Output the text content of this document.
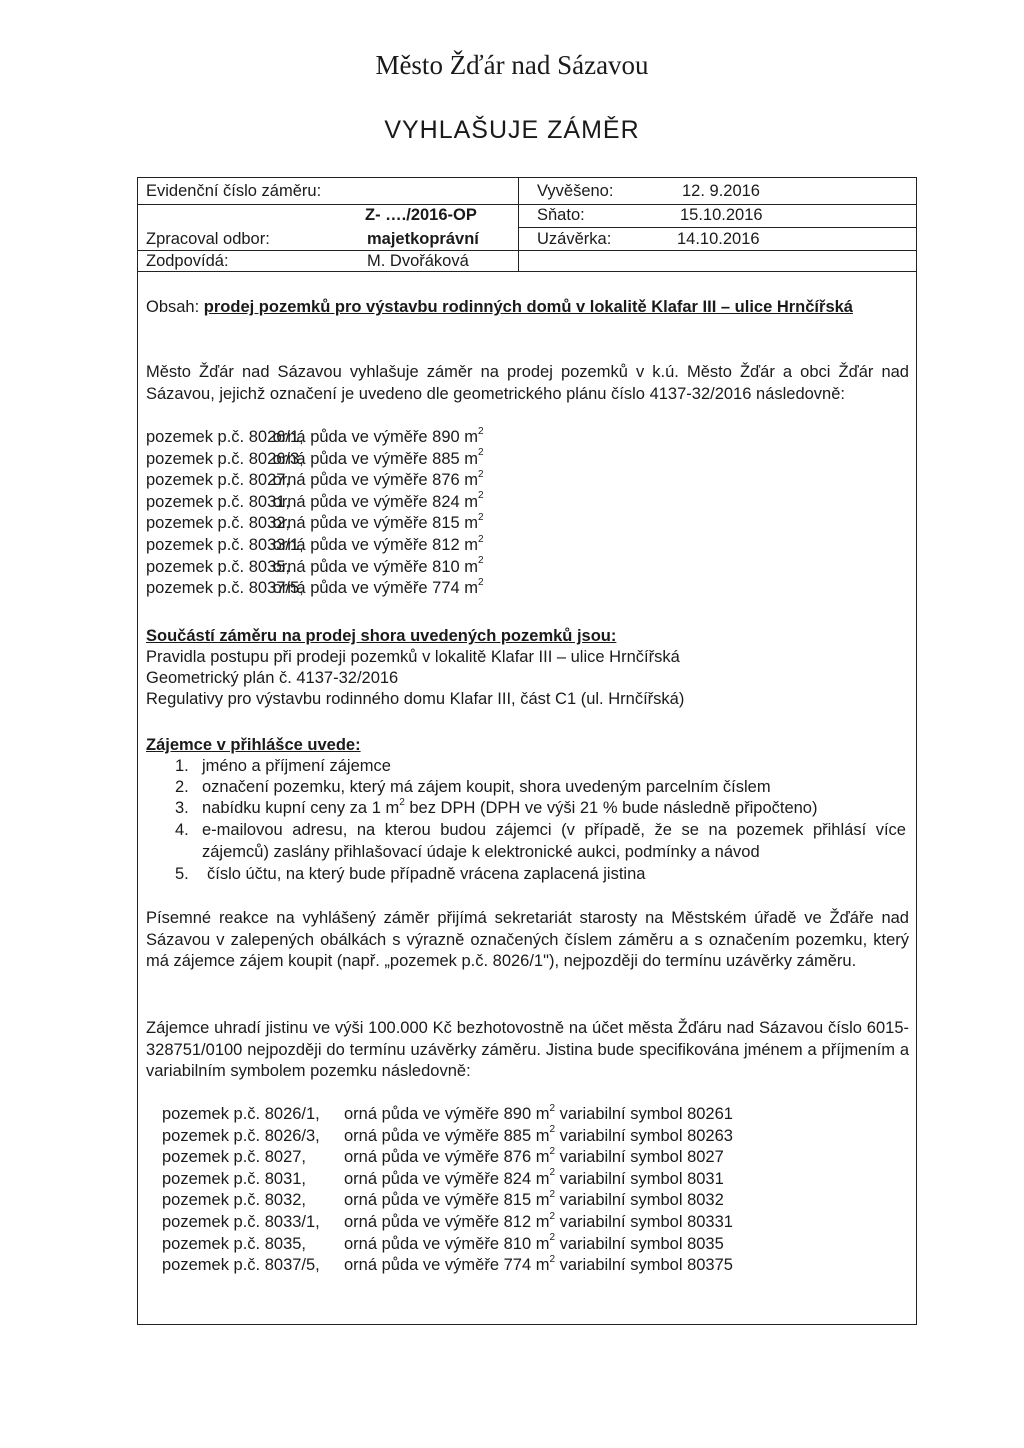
Město Žďár nad Sázavou
VYHLAŠUJE ZÁMĚR
Evidenční číslo záměru:
Z- …./2016-OP
Zpracoval odbor:	majetkoprávní
Zodpovídá:	M. Dvořáková
Vyvěšeno:	12. 9.2016
Sňato:	15.10.2016
Uzávěrka:	14.10.2016
Obsah: prodej pozemků pro výstavbu rodinných domů v lokalitě Klafar III – ulice Hrnčířská
Město Žďár nad Sázavou vyhlašuje záměr na prodej pozemků v k.ú. Město Žďár a obci Žďár nad Sázavou, jejichž označení je uvedeno dle geometrického plánu číslo 4137-32/2016 následovně:
pozemek p.č. 8026/1, orná půda ve výměře 890 $m^2$
pozemek p.č. 8026/3, orná půda ve výměře 885 $m^2$
pozemek p.č. 8027, orná půda ve výměře 876 $m^2$
pozemek p.č. 8031, orná půda ve výměře 824 $m^2$
pozemek p.č. 8032, orná půda ve výměře 815 $m^2$
pozemek p.č. 8033/1, orná půda ve výměře 812 $m^2$
pozemek p.č. 8035, orná půda ve výměře 810 $m^2$
pozemek p.č. 8037/5, orná půda ve výměře 774 $m^2$
Součástí záměru na prodej shora uvedených pozemků jsou:
Pravidla postupu při prodeji pozemků v lokalitě Klafar III – ulice Hrnčířská
Geometrický plán č. 4137-32/2016
Regulativy pro výstavbu rodinného domu Klafar III, část C1 (ul. Hrnčířská)
Zájemce v přihlášce uvede:
1. jméno a příjmení zájemce
2. označení pozemku, který má zájem koupit, shora uvedeným parcelním číslem
3. nabídku kupní ceny za 1 $m^2$ bez DPH (DPH ve výši 21 % bude následně připočteno)
4. e-mailovou adresu, na kterou budou zájemci (v případě, že se na pozemek přihlásí více zájemců) zaslány přihlašovací údaje k elektronické aukci, podmínky a návod
5. číslo účtu, na který bude případně vrácena zaplacená jistina
Písemné reakce na vyhlášený záměr přijímá sekretariát starosty na Městském úřadě ve Žďáře nad Sázavou v zalepených obálkách s výrazně označených číslem záměru a s označením pozemku, který má zájemce zájem koupit (např. „pozemek p.č. 8026/1"), nejpozději do termínu uzávěrky záměru.
Zájemce uhradí jistinu ve výši 100.000 Kč bezhotovostně na účet města Žďáru nad Sázavou číslo 6015-328751/0100 nejpozději do termínu uzávěrky záměru. Jistina bude specifikována jménem a příjmením a variabilním symbolem pozemku následovně:
pozemek p.č. 8026/1, orná půda ve výměře 890 $m^2$ variabilní symbol 80261
pozemek p.č. 8026/3, orná půda ve výměře 885 $m^2$ variabilní symbol 80263
pozemek p.č. 8027, orná půda ve výměře 876 $m^2$ variabilní symbol 8027
pozemek p.č. 8031, orná půda ve výměře 824 $m^2$ variabilní symbol 8031
pozemek p.č. 8032, orná půda ve výměře 815 $m^2$ variabilní symbol 8032
pozemek p.č. 8033/1, orná půda ve výměře 812 $m^2$ variabilní symbol 80331
pozemek p.č. 8035, orná půda ve výměře 810 $m^2$ variabilní symbol 8035
pozemek p.č. 8037/5, orná půda ve výměře 774 $m^2$ variabilní symbol 80375
